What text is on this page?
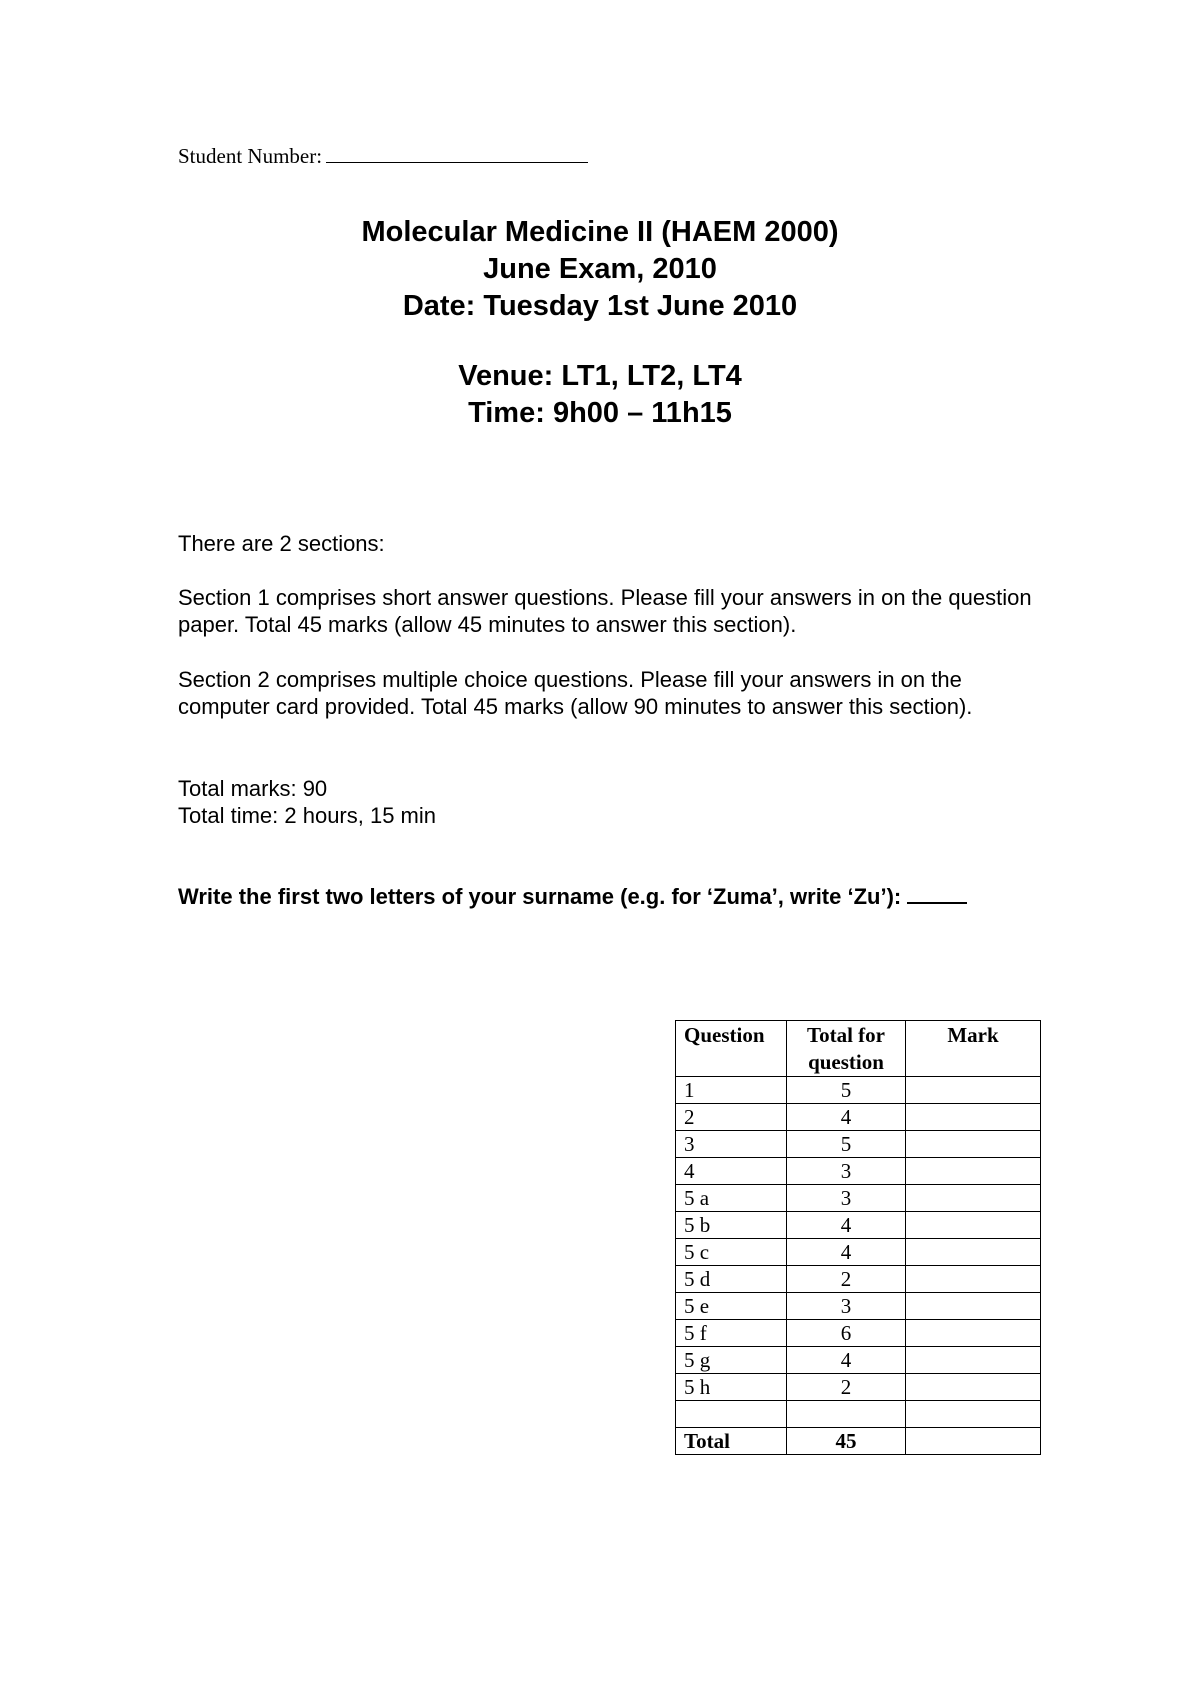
Student Number:
Molecular Medicine II (HAEM 2000)
June Exam, 2010
Date: Tuesday 1st June 2010
Venue: LT1, LT2, LT4
Time: 9h00 – 11h15
There are 2 sections:
Section 1 comprises short answer questions. Please fill your answers in on the question paper. Total 45 marks (allow 45 minutes to answer this section).
Section 2 comprises multiple choice questions. Please fill your answers in on the computer card provided. Total 45 marks (allow 90 minutes to answer this section).
Total marks: 90
Total time: 2 hours, 15 min
Write the first two letters of your surname (e.g. for ‘Zuma’, write ‘Zu’):
Question	Total for question	Mark
1	5	
2	4	
3	5	
4	3	
5 a	3	
5 b	4	
5 c	4	
5 d	2	
5 e	3	
5 f	6	
5 g	4	
5 h	2	

Total	45	
